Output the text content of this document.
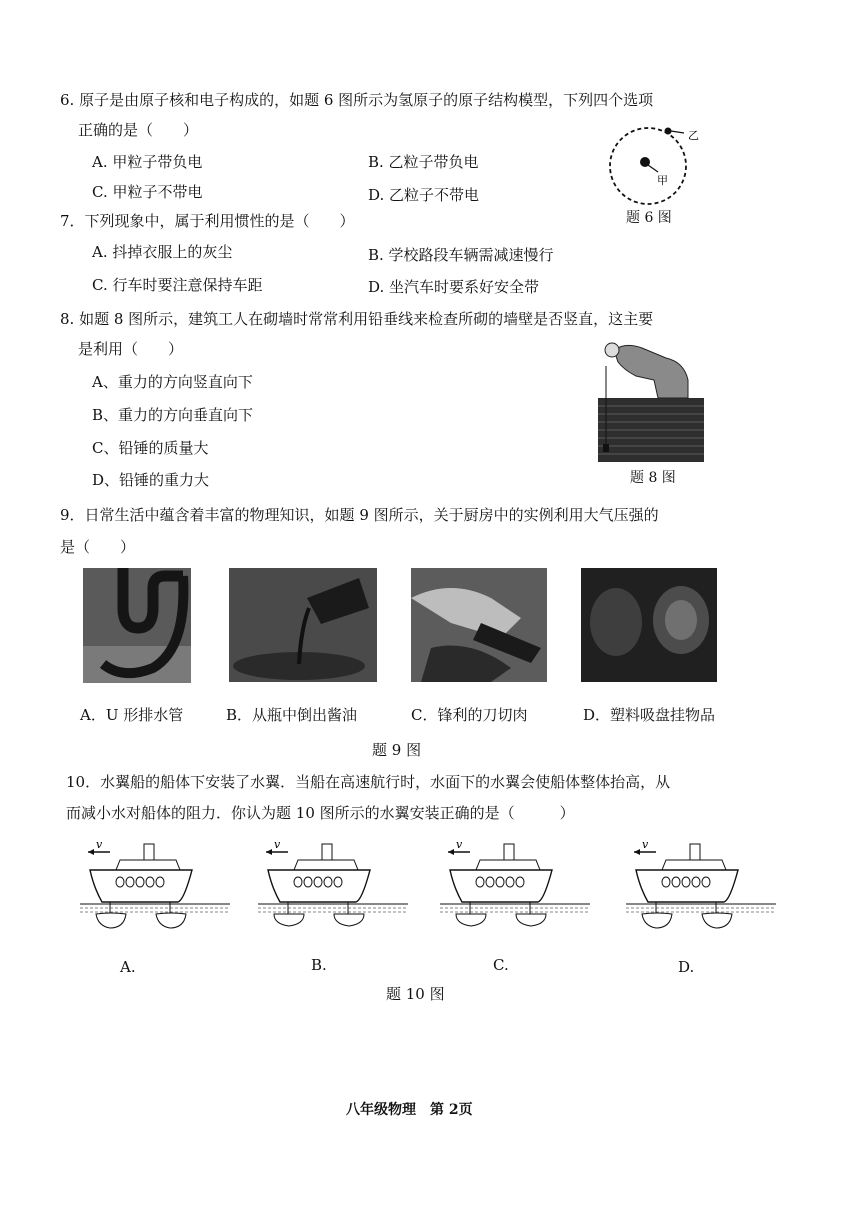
6. 原子是由原子核和电子构成的，如题 6 图所示为氢原子的原子结构模型，下列四个选项
正确的是（　　）
A. 甲粒子带负电	B. 乙粒子带负电
C. 甲粒子不带电	D. 乙粒子不带电
甲
乙
题 6 图
7．下列现象中，属于利用惯性的是（　　）
A. 抖掉衣服上的灰尘	B. 学校路段车辆需减速慢行
C. 行车时要注意保持车距	D. 坐汽车时要系好安全带
8. 如题 8 图所示，建筑工人在砌墙时常常利用铅垂线来检查所砌的墙壁是否竖直，这主要
是利用（　　）
A、重力的方向竖直向下
B、重力的方向垂直向下
C、铅锤的质量大
D、铅锤的重力大	题 8 图
9．日常生活中蕴含着丰富的物理知识，如题 9 图所示，关于厨房中的实例利用大气压强的
是（　　）
A．U 形排水管	B．从瓶中倒出酱油	C．锋利的刀切肉	D．塑料吸盘挂物品
题 9 图
10．水翼船的船体下安装了水翼．当船在高速航行时，水面下的水翼会使船体整体抬高，从
而减小水对船体的阻力．你认为题 10 图所示的水翼安装正确的是（　　　）
v	v	v	v
A.	B.	C.	D.
题 10 图
八年级物理　第 2页
